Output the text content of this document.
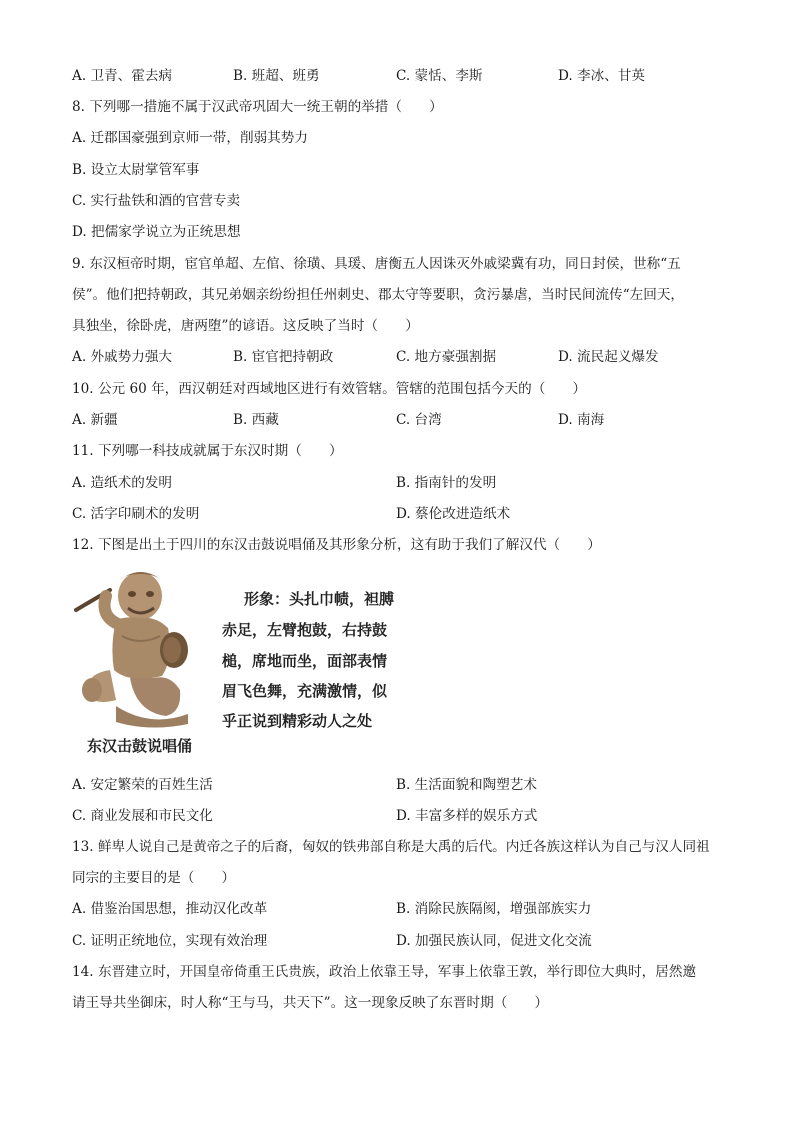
A. 卫青、霍去病	B. 班超、班勇	C. 蒙恬、李斯	D. 李冰、甘英
8. 下列哪一措施不属于汉武帝巩固大一统王朝的举措（　　）
A. 迁郡国豪强到京师一带，削弱其势力
B. 设立太尉掌管军事
C. 实行盐铁和酒的官营专卖
D. 把儒家学说立为正统思想
9. 东汉桓帝时期，宦官单超、左倌、徐璜、具瑗、唐衡五人因诛灭外戚梁冀有功，同日封侯，世称“五
侯”。他们把持朝政，其兄弟姻亲纷纷担任州刺史、郡太守等要职，贪污暴虐，当时民间流传“左回天，
具独坐，徐卧虎，唐两堕”的谚语。这反映了当时（　　）
A. 外戚势力强大	B. 宦官把持朝政	C. 地方豪强割据	D. 流民起义爆发
10. 公元 60 年，西汉朝廷对西域地区进行有效管辖。管辖的范围包括今天的（　　）
A. 新疆	B. 西藏	C. 台湾	D. 南海
11. 下列哪一科技成就属于东汉时期（　　）
A. 造纸术的发明	B. 指南针的发明
C. 活字印刷术的发明	D. 蔡伦改进造纸术
12. 下图是出土于四川的东汉击鼓说唱俑及其形象分析，这有助于我们了解汉代（　　）
形象：头扎巾帻，袒膊
赤足，左臂抱鼓，右持鼓
槌，席地而坐，面部表情
眉飞色舞，充满激情，似
乎正说到精彩动人之处
东汉击鼓说唱俑
A. 安定繁荣的百姓生活	B. 生活面貌和陶塑艺术
C. 商业发展和市民文化	D. 丰富多样的娱乐方式
13. 鲜卑人说自己是黄帝之子的后裔，匈奴的铁弗部自称是大禹的后代。内迁各族这样认为自己与汉人同祖
同宗的主要目的是（　　）
A. 借鉴治国思想，推动汉化改革	B. 消除民族隔阂，增强部族实力
C. 证明正统地位，实现有效治理	D. 加强民族认同，促进文化交流
14. 东晋建立时，开国皇帝倚重王氏贵族，政治上依靠王导，军事上依靠王敦，举行即位大典时，居然邀
请王导共坐御床，时人称“王与马，共天下”。这一现象反映了东晋时期（　　）
